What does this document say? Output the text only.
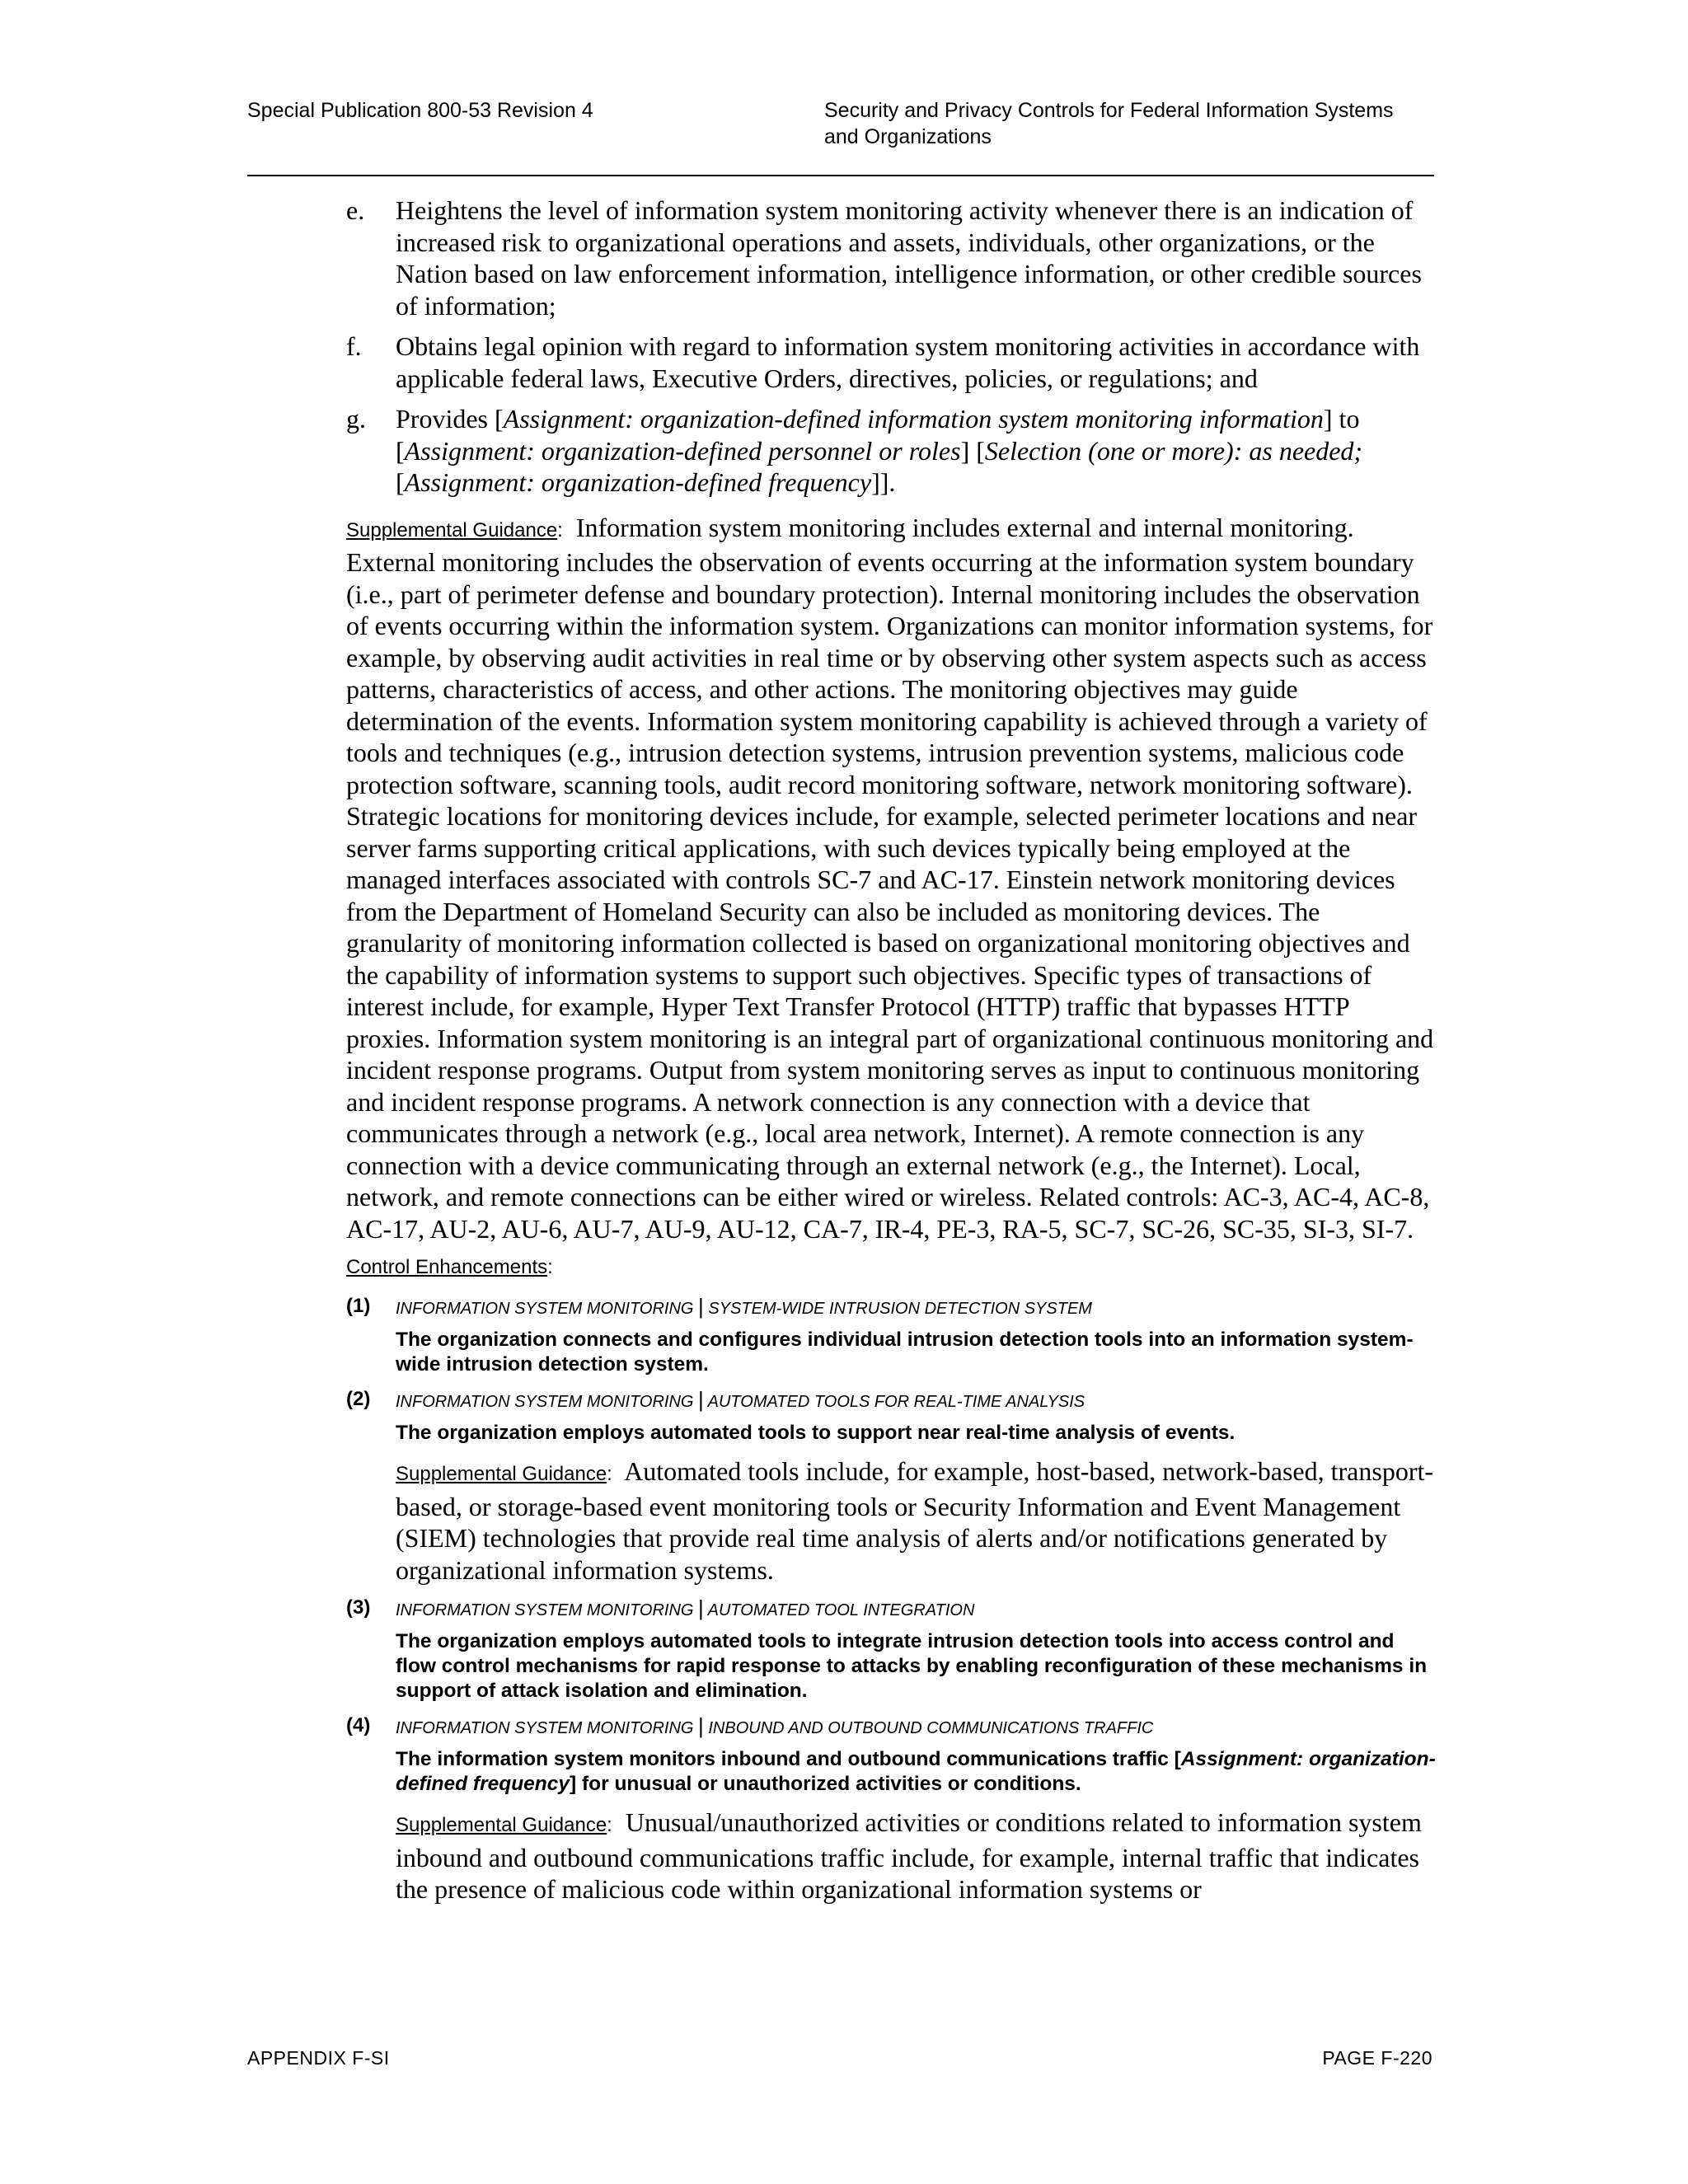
Special Publication 800-53 Revision 4	Security and Privacy Controls for Federal Information Systems
and Organizations
e. Heightens the level of information system monitoring activity whenever there is an indication of increased risk to organizational operations and assets, individuals, other organizations, or the Nation based on law enforcement information, intelligence information, or other credible sources of information;
f. Obtains legal opinion with regard to information system monitoring activities in accordance with applicable federal laws, Executive Orders, directives, policies, or regulations; and
g. Provides [Assignment: organization-defined information system monitoring information] to [Assignment: organization-defined personnel or roles] [Selection (one or more): as needed; [Assignment: organization-defined frequency]].
Supplemental Guidance: Information system monitoring includes external and internal monitoring. External monitoring includes the observation of events occurring at the information system boundary (i.e., part of perimeter defense and boundary protection). Internal monitoring includes the observation of events occurring within the information system. Organizations can monitor information systems, for example, by observing audit activities in real time or by observing other system aspects such as access patterns, characteristics of access, and other actions. The monitoring objectives may guide determination of the events. Information system monitoring capability is achieved through a variety of tools and techniques (e.g., intrusion detection systems, intrusion prevention systems, malicious code protection software, scanning tools, audit record monitoring software, network monitoring software). Strategic locations for monitoring devices include, for example, selected perimeter locations and near server farms supporting critical applications, with such devices typically being employed at the managed interfaces associated with controls SC-7 and AC-17. Einstein network monitoring devices from the Department of Homeland Security can also be included as monitoring devices. The granularity of monitoring information collected is based on organizational monitoring objectives and the capability of information systems to support such objectives. Specific types of transactions of interest include, for example, Hyper Text Transfer Protocol (HTTP) traffic that bypasses HTTP proxies. Information system monitoring is an integral part of organizational continuous monitoring and incident response programs. Output from system monitoring serves as input to continuous monitoring and incident response programs. A network connection is any connection with a device that communicates through a network (e.g., local area network, Internet). A remote connection is any connection with a device communicating through an external network (e.g., the Internet). Local, network, and remote connections can be either wired or wireless. Related controls: AC-3, AC-4, AC-8, AC-17, AU-2, AU-6, AU-7, AU-9, AU-12, CA-7, IR-4, PE-3, RA-5, SC-7, SC-26, SC-35, SI-3, SI-7.
Control Enhancements:
(1) INFORMATION SYSTEM MONITORING | SYSTEM-WIDE INTRUSION DETECTION SYSTEM
The organization connects and configures individual intrusion detection tools into an information system-wide intrusion detection system.
(2) INFORMATION SYSTEM MONITORING | AUTOMATED TOOLS FOR REAL-TIME ANALYSIS
The organization employs automated tools to support near real-time analysis of events.
Supplemental Guidance: Automated tools include, for example, host-based, network-based, transport-based, or storage-based event monitoring tools or Security Information and Event Management (SIEM) technologies that provide real time analysis of alerts and/or notifications generated by organizational information systems.
(3) INFORMATION SYSTEM MONITORING | AUTOMATED TOOL INTEGRATION
The organization employs automated tools to integrate intrusion detection tools into access control and flow control mechanisms for rapid response to attacks by enabling reconfiguration of these mechanisms in support of attack isolation and elimination.
(4) INFORMATION SYSTEM MONITORING | INBOUND AND OUTBOUND COMMUNICATIONS TRAFFIC
The information system monitors inbound and outbound communications traffic [Assignment: organization-defined frequency] for unusual or unauthorized activities or conditions.
Supplemental Guidance: Unusual/unauthorized activities or conditions related to information system inbound and outbound communications traffic include, for example, internal traffic that indicates the presence of malicious code within organizational information systems or
APPENDIX F-SI	PAGE F-220
